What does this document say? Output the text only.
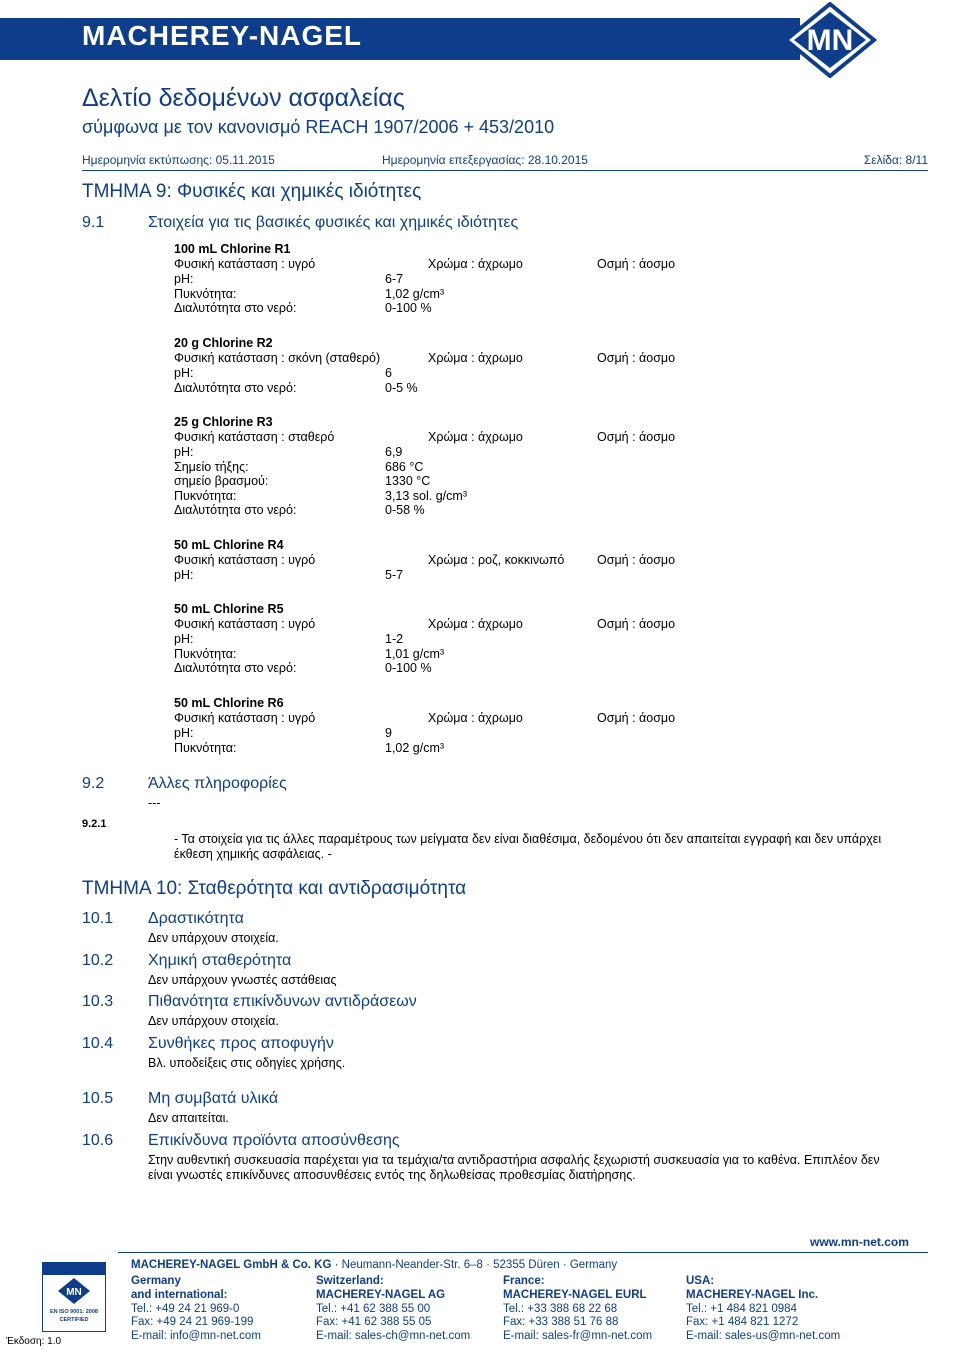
MACHEREY-NAGEL	MN
Δελτίο δεδομένων ασφαλείας
σύμφωνα με τον κανονισμό REACH 1907/2006 + 453/2010
Ημερομηνία εκτύπωσης: 05.11.2015	Ημερομηνία επεξεργασίας: 28.10.2015	Σελίδα: 8/11
ΤΜΗΜΑ 9: Φυσικές και χημικές ιδιότητες
9.1	Στοιχεία για τις βασικές φυσικές και χημικές ιδιότητες
100 mL Chlorine R1
Φυσική κατάσταση : υγρό	Χρώμα : άχρωμο	Οσμή : άοσμο
pH:	6-7
Πυκνότητα:	1,02 g/cm³
Διαλυτότητα στο νερό:	0-100 %
20 g Chlorine R2
Φυσική κατάσταση : σκόνη (σταθερό)	Χρώμα : άχρωμο	Οσμή : άοσμο
pH:	6
Διαλυτότητα στο νερό:	0-5 %
25 g Chlorine R3
Φυσική κατάσταση : σταθερό	Χρώμα : άχρωμο	Οσμή : άοσμο
pH:	6,9
Σημείο τήξης:	686 °C
σημείο βρασμού:	1330 °C
Πυκνότητα:	3,13 sol. g/cm³
Διαλυτότητα στο νερό:	0-58 %
50 mL Chlorine R4
Φυσική κατάσταση : υγρό	Χρώμα : ροζ, κοκκινωπό	Οσμή : άοσμο
pH:	5-7
50 mL Chlorine R5
Φυσική κατάσταση : υγρό	Χρώμα : άχρωμο	Οσμή : άοσμο
pH:	1-2
Πυκνότητα:	1,01 g/cm³
Διαλυτότητα στο νερό:	0-100 %
50 mL Chlorine R6
Φυσική κατάσταση : υγρό	Χρώμα : άχρωμο	Οσμή : άοσμο
pH:	9
Πυκνότητα:	1,02 g/cm³
9.2	Άλλες πληροφορίες
---
9.2.1
- Τα στοιχεία για τις άλλες παραμέτρους των μείγματα δεν είναι διαθέσιμα, δεδομένου ότι δεν απαιτείται εγγραφή και δεν υπάρχει
έκθεση χημικής ασφάλειας. -
ΤΜΗΜΑ 10: Σταθερότητα και αντιδρασιμότητα
10.1 Δραστικότητα
Δεν υπάρχουν στοιχεία.
10.2 Χημική σταθερότητα
Δεν υπάρχουν γνωστές αστάθειας
10.3 Πιθανότητα επικίνδυνων αντιδράσεων
Δεν υπάρχουν στοιχεία.
10.4 Συνθήκες προς αποφυγήν
Βλ. υποδείξεις στις οδηγίες χρήσης.
10.5 Μη συμβατά υλικά
Δεν απαιτείται.
10.6 Επικίνδυνα προϊόντα αποσύνθεσης
Στην αυθεντική συσκευασία παρέχεται για τα τεμάχια/τα αντιδραστήρια ασφαλής ξεχωριστή συσκευασία για το καθένα. Επιπλέον δεν
είναι γνωστές επικίνδυνες αποσυνθέσεις εντός της δηλωθείσας προθεσμίας διατήρησης.
www.mn-net.com
MACHEREY-NAGEL GmbH & Co. KG · Neumann-Neander-Str. 6–8 · 52355 Düren · Germany
Germany
and international:
Tel.: +49 24 21 969-0
Fax: +49 24 21 969-199
E-mail: info@mn-net.com
Switzerland:
MACHEREY-NAGEL AG
Tel.: +41 62 388 55 00
Fax: +41 62 388 55 05
E-mail: sales-ch@mn-net.com
France:
MACHEREY-NAGEL EURL
Tel.: +33 388 68 22 68
Fax: +33 388 51 76 88
E-mail: sales-fr@mn-net.com
USA:
MACHEREY-NAGEL Inc.
Tel.: +1 484 821 0984
Fax: +1 484 821 1272
E-mail: sales-us@mn-net.com
MN
EN ISO 9001: 2008
CERTIFIED
Έκδοση: 1.0
